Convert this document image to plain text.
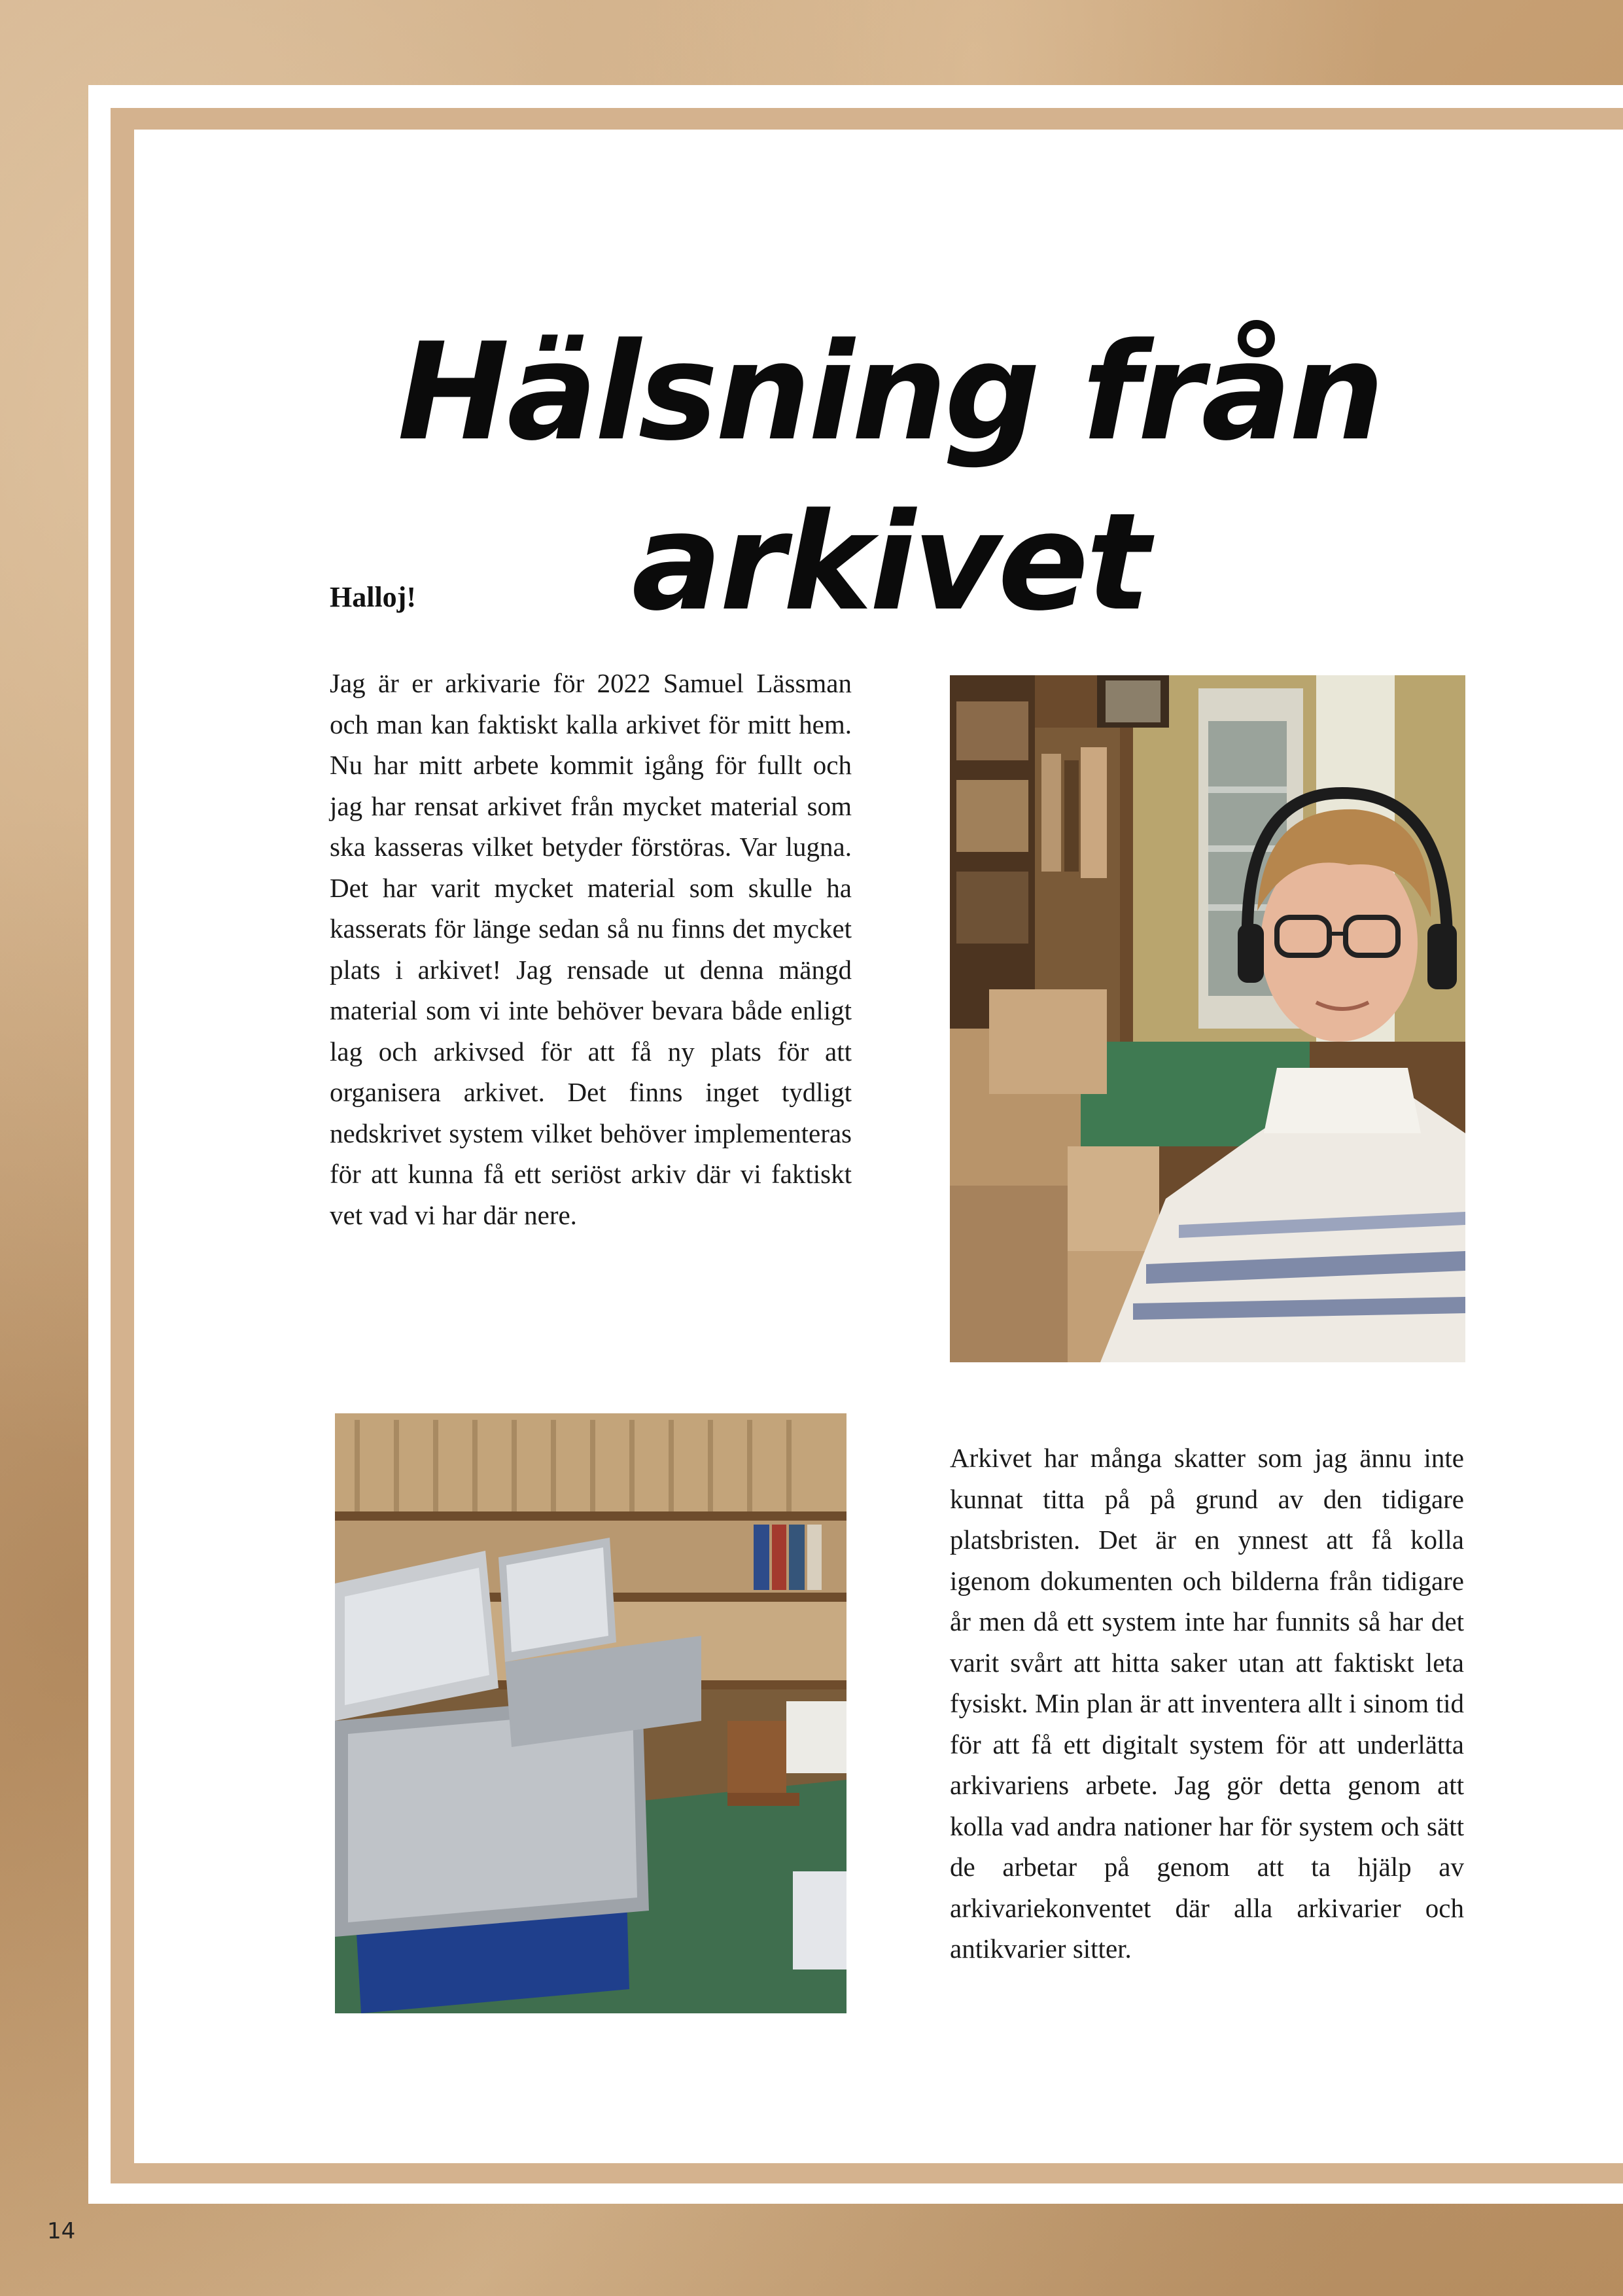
Hälsning från arkivet
Halloj!

Jag är er arkivarie för 2022 Samuel Lässman och man kan faktiskt kalla arkivet för mitt hem. Nu har mitt arbete kommit igång för fullt och jag har rensat arkivet från mycket material som ska kasseras vilket betyder förstöras. Var lugna. Det har varit mycket material som skulle ha kasserats för länge sedan så nu finns det mycket plats i arkivet! Jag rensade ut denna mängd material som vi inte behöver bevara både enligt lag och arkivsed för att få ny plats för att organisera arkivet. Det finns inget tydligt nedskrivet system vilket behöver implementeras för att kunna få ett seriöst arkiv där vi faktiskt vet vad vi har där nere.

Arkivet har många skatter som jag ännu inte kunnat titta på på grund av den tidigare platsbristen. Det är en ynnest att få kolla igenom dokumenten och bilderna från tidigare år men då ett system inte har funnits så har det varit svårt att hitta saker utan att faktiskt leta fysiskt. Min plan är att inventera allt i sinom tid för att få ett digitalt system för att underlätta arkivariens arbete. Jag gör detta genom att kolla vad andra nationer har för system och sätt de arbetar på genom att ta hjälp av arkivariekonventet där alla arkivarier och antikvarier sitter.

14
